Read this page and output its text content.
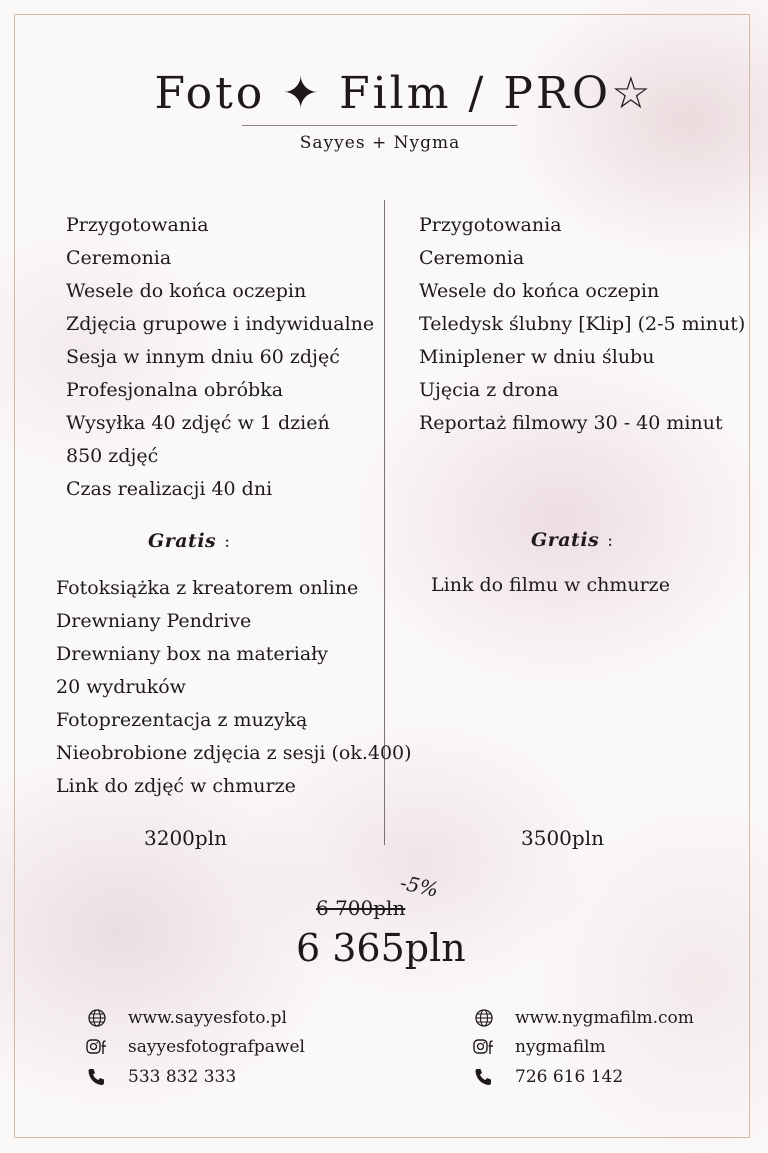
Foto ✦ Film / PRO☆
Sayyes + Nygma
Przygotowania
Ceremonia
Wesele do końca oczepin
Zdjęcia grupowe i indywidualne
Sesja w innym dniu 60 zdjęć
Profesjonalna obróbka
Wysyłka 40 zdjęć w 1 dzień
850 zdjęć
Czas realizacji 40 dni
Przygotowania
Ceremonia
Wesele do końca oczepin
Teledysk ślubny [Klip] (2-5 minut)
Miniplener w dniu ślubu
Ujęcia z drona
Reportaż filmowy 30 - 40 minut
Gratis :	Gratis :
Fotoksiążka z kreatorem online
Drewniany Pendrive
Drewniany box na materiały
20 wydruków
Fotoprezentacja z muzyką
Nieobrobione zdjęcia z sesji (ok.400)
Link do zdjęć w chmurze
Link do filmu w chmurze
3200pln	3500pln
-5%
6 700pln
6 365pln
www.sayyesfoto.pl
sayyesfotografpawel
533 832 333
www.nygmafilm.com
nygmafilm
726 616 142
